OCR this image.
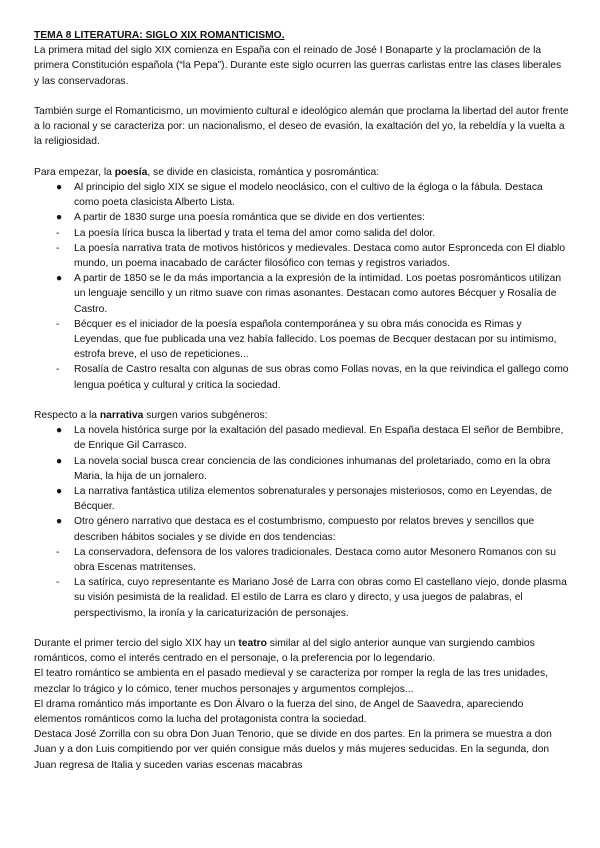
TEMA 8 LITERATURA: SIGLO XIX ROMANTICISMO.

La primera mitad del siglo XIX comienza en España con el reinado de José I Bonaparte y la proclamación de la primera Constitución española (“la Pepa”). Durante este siglo ocurren las guerras carlistas entre las clases liberales y las conservadoras.

También surge el Romanticismo, un movimiento cultural e ideológico alemán que proclama la libertad del autor frente a lo racional y se caracteriza por: un nacionalismo, el deseo de evasión, la exaltación del yo, la rebeldía y la vuelta a la religiosidad.

Para empezar, la poesía, se divide en clasicista, romántica y posromántica:

●	Al principio del siglo XIX se sigue el modelo neoclásico, con el cultivo de la égloga o la fábula. Destaca como poeta clasicista Alberto Lista.
●	A partir de 1830 surge una poesía romántica que se divide en dos vertientes:
-	La poesía lírica busca la libertad y trata el tema del amor como salida del dolor.
-	La poesía narrativa trata de motivos históricos y medievales. Destaca como autor Espronceda con El diablo mundo, un poema inacabado de carácter filosófico con temas y registros variados.
●	A partir de 1850 se le da más importancia a la expresión de la intimidad. Los poetas posrománticos utilizan un lenguaje sencillo y un ritmo suave con rimas asonantes. Destacan como autores Bécquer y Rosalía de Castro.
-	Bécquer es el iniciador de la poesía española contemporánea y su obra más conocida es Rimas y Leyendas, que fue publicada una vez había fallecido. Los poemas de Becquer destacan por su intimismo, estrofa breve, el uso de repeticiones...
-	Rosalía de Castro resalta con algunas de sus obras como Follas novas, en la que reivindica el gallego como lengua poética y cultural y critica la sociedad.

Respecto a la narrativa surgen varios subgéneros:

●	La novela histórica surge por la exaltación del pasado medieval. En España destaca El señor de Bembibre, de Enrique Gil Carrasco.
●	La novela social busca crear conciencia de las condiciones inhumanas del proletariado, como en la obra Maria, la hija de un jornalero.
●	La narrativa fantástica utiliza elementos sobrenaturales y personajes misteriosos, como en Leyendas, de Bécquer.
●	Otro género narrativo que destaca es el costumbrismo, compuesto por relatos breves y sencillos que describen hábitos sociales y se divide en dos tendencias:
-	La conservadora, defensora de los valores tradicionales. Destaca como autor Mesonero Romanos con su obra Escenas matritenses.
-	La satírica, cuyo representante es Mariano José de Larra con obras como El castellano viejo, donde plasma su visión pesimista de la realidad. El estilo de Larra es claro y directo, y usa juegos de palabras, el perspectivismo, la ironía y la caricaturización de personajes.

Durante el primer tercio del siglo XIX hay un teatro similar al del siglo anterior aunque van surgiendo cambios románticos, como el interés centrado en el personaje, o la preferencia por lo legendario.

El teatro romántico se ambienta en el pasado medieval y se caracteriza por romper la regla de las tres unidades, mezclar lo trágico y lo cómico, tener muchos personajes y argumentos complejos...

El drama romántico más importante es Don Álvaro o la fuerza del sino, de Angel de Saavedra, apareciendo elementos románticos como la lucha del protagonista contra la sociedad.

Destaca José Zorrilla con su obra Don Juan Tenorio, que se divide en dos partes. En la primera se muestra a don Juan y a don Luis compitiendo por ver quién consigue más duelos y más mujeres seducidas. En la segunda, don Juan regresa de Italia y suceden varias escenas macabras
